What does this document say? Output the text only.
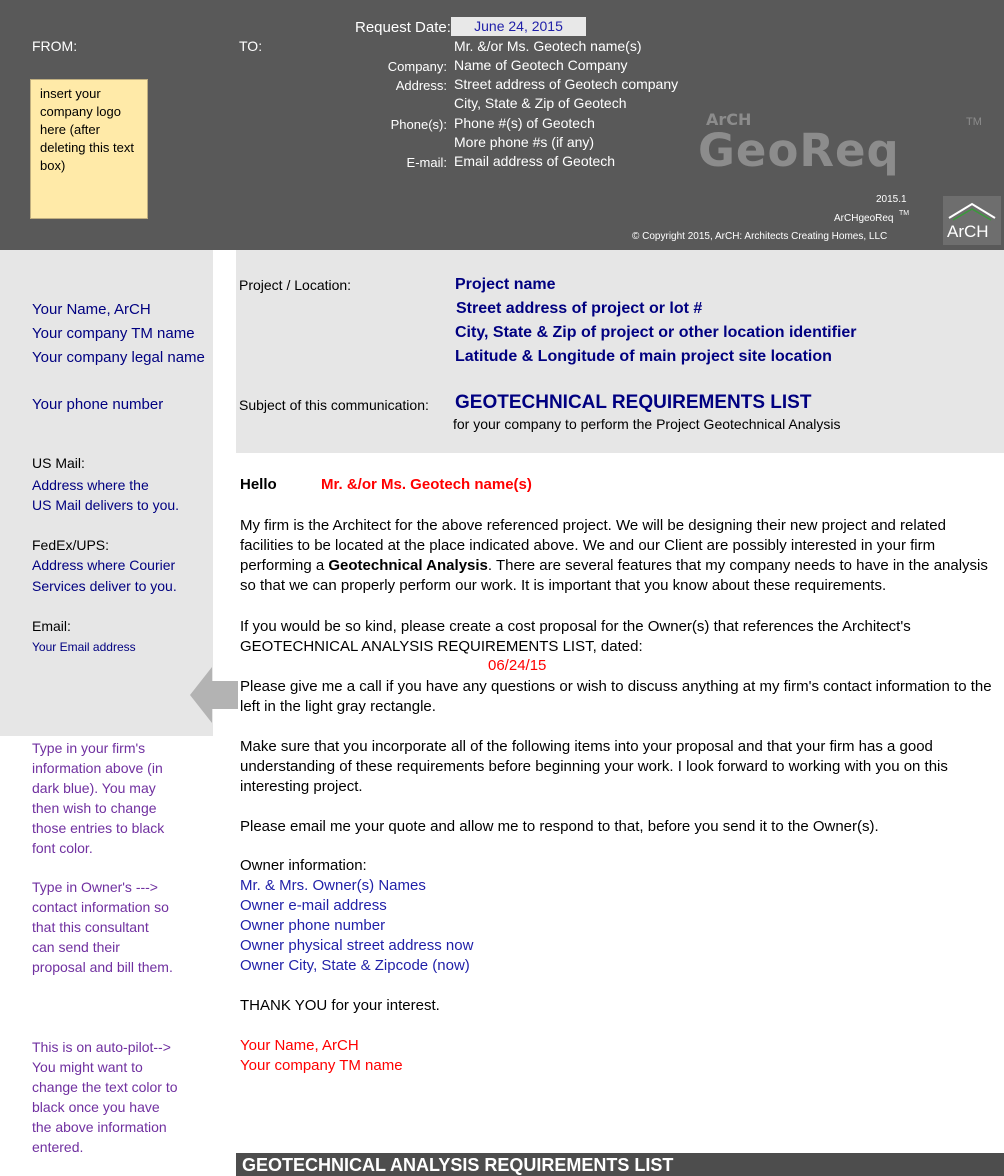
Request Date:	June 24, 2015
FROM:	TO:
insert your company logo here (after deleting this text box)
Mr. &/or Ms. Geotech name(s)
Company: Name of Geotech Company
Address: Street address of Geotech company
City, State & Zip of Geotech
Phone(s): Phone #(s) of Geotech
More phone #s (if any)
E-mail: Email address of Geotech
ArCH
GeoReq
TM
2015.1
ArCHgeoReq TM
© Copyright 2015, ArCH: Architects Creating Homes, LLC	ArCH
Your Name, ArCH
Your company TM name
Your company legal name
Your phone number
US Mail:
Address where the
US Mail delivers to you.
FedEx/UPS:
Address where Courier
Services deliver to you.
Email:
Your Email address
Type in your firm's
information above (in
dark blue). You may
then wish to change
those entries to black
font color.
Type in Owner's --->
contact information so
that this consultant
can send their
proposal and bill them.
This is on auto-pilot-->
You might want to
change the text color to
black once you have
the above information
entered.
Project / Location:	Project name
Street address of project or lot #
City, State & Zip of project or other location identifier
Latitude & Longitude of main project site location
Subject of this communication: GEOTECHNICAL REQUIREMENTS LIST
for your company to perform the Project Geotechnical Analysis
Hello	Mr. &/or Ms. Geotech name(s)
My firm is the Architect for the above referenced project. We will be designing their new project and related facilities to be located at the place indicated above. We and our Client are possibly interested in your firm performing a Geotechnical Analysis. There are several features that my company needs to have in the analysis so that we can properly perform our work. It is important that you know about these requirements.
If you would be so kind, please create a cost proposal for the Owner(s) that references the Architect's GEOTECHNICAL ANALYSIS REQUIREMENTS LIST, dated:
06/24/15
Please give me a call if you have any questions or wish to discuss anything at my firm's contact information to the left in the light gray rectangle.
Make sure that you incorporate all of the following items into your proposal and that your firm has a good understanding of these requirements before beginning your work. I look forward to working with you on this interesting project.
Please email me your quote and allow me to respond to that, before you send it to the Owner(s).
Owner information:
Mr. & Mrs. Owner(s) Names
Owner e-mail address
Owner phone number
Owner physical street address now
Owner City, State & Zipcode (now)
THANK YOU for your interest.
Your Name, ArCH
Your company TM name
GEOTECHNICAL ANALYSIS REQUIREMENTS LIST
